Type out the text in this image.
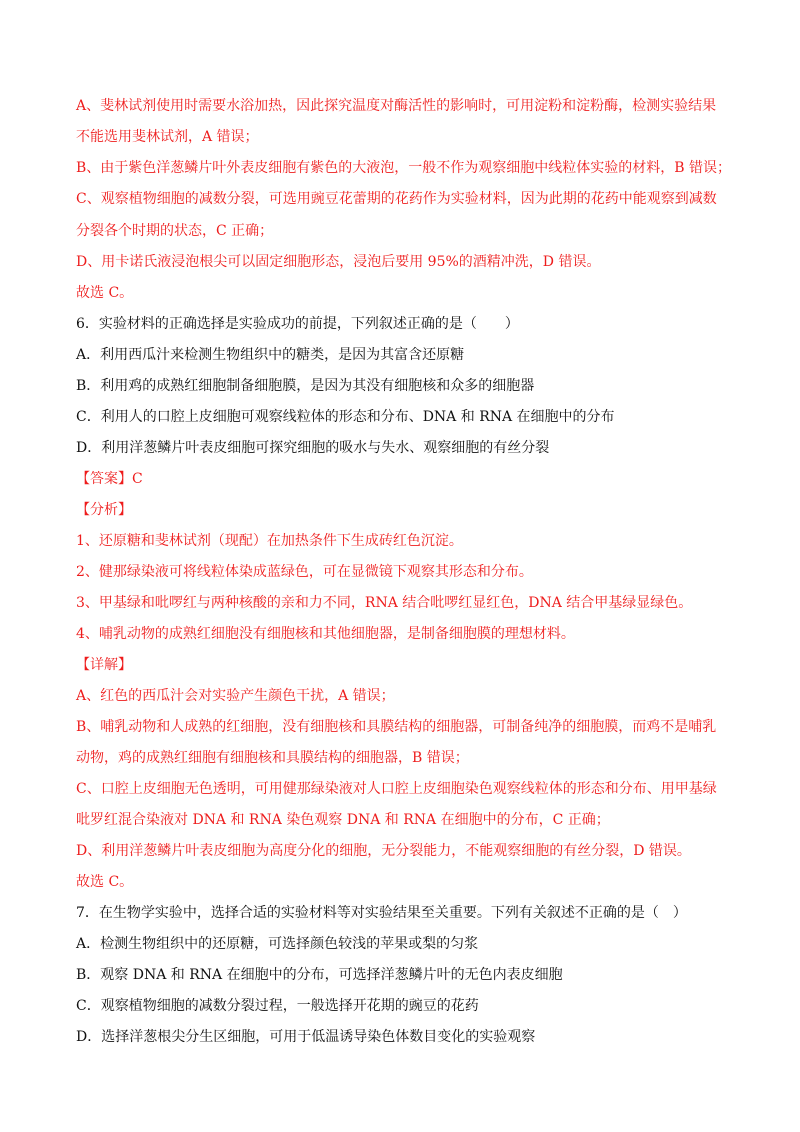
A、斐林试剂使用时需要水浴加热，因此探究温度对酶活性的影响时，可用淀粉和淀粉酶，检测实验结果
不能选用斐林试剂，A 错误；
B、由于紫色洋葱鳞片叶外表皮细胞有紫色的大液泡，一般不作为观察细胞中线粒体实验的材料，B 错误；
C、观察植物细胞的减数分裂，可选用豌豆花蕾期的花药作为实验材料，因为此期的花药中能观察到减数
分裂各个时期的状态，C 正确；
D、用卡诺氏液浸泡根尖可以固定细胞形态，浸泡后要用 95%的酒精冲洗，D 错误。
故选 C。
6．实验材料的正确选择是实验成功的前提，下列叙述正确的是（　　）
A．利用西瓜汁来检测生物组织中的糖类，是因为其富含还原糖
B．利用鸡的成熟红细胞制备细胞膜，是因为其没有细胞核和众多的细胞器
C．利用人的口腔上皮细胞可观察线粒体的形态和分布、DNA 和 RNA 在细胞中的分布
D．利用洋葱鳞片叶表皮细胞可探究细胞的吸水与失水、观察细胞的有丝分裂
【答案】C
【分析】
1、还原糖和斐林试剂（现配）在加热条件下生成砖红色沉淀。
2、健那绿染液可将线粒体染成蓝绿色，可在显微镜下观察其形态和分布。
3、甲基绿和吡啰红与两种核酸的亲和力不同，RNA 结合吡啰红显红色，DNA 结合甲基绿显绿色。
4、哺乳动物的成熟红细胞没有细胞核和其他细胞器，是制备细胞膜的理想材料。
【详解】
A、红色的西瓜汁会对实验产生颜色干扰，A 错误；
B、哺乳动物和人成熟的红细胞，没有细胞核和具膜结构的细胞器，可制备纯净的细胞膜，而鸡不是哺乳
动物，鸡的成熟红细胞有细胞核和具膜结构的细胞器，B 错误；
C、口腔上皮细胞无色透明，可用健那绿染液对人口腔上皮细胞染色观察线粒体的形态和分布、用甲基绿
吡罗红混合染液对 DNA 和 RNA 染色观察 DNA 和 RNA 在细胞中的分布，C 正确；
D、利用洋葱鳞片叶表皮细胞为高度分化的细胞，无分裂能力，不能观察细胞的有丝分裂，D 错误。
故选 C。
7．在生物学实验中，选择合适的实验材料等对实验结果至关重要。下列有关叙述不正确的是（　）
A．检测生物组织中的还原糖，可选择颜色较浅的苹果或梨的匀浆
B．观察 DNA 和 RNA 在细胞中的分布，可选择洋葱鳞片叶的无色内表皮细胞
C．观察植物细胞的减数分裂过程，一般选择开花期的豌豆的花药
D．选择洋葱根尖分生区细胞，可用于低温诱导染色体数目变化的实验观察
